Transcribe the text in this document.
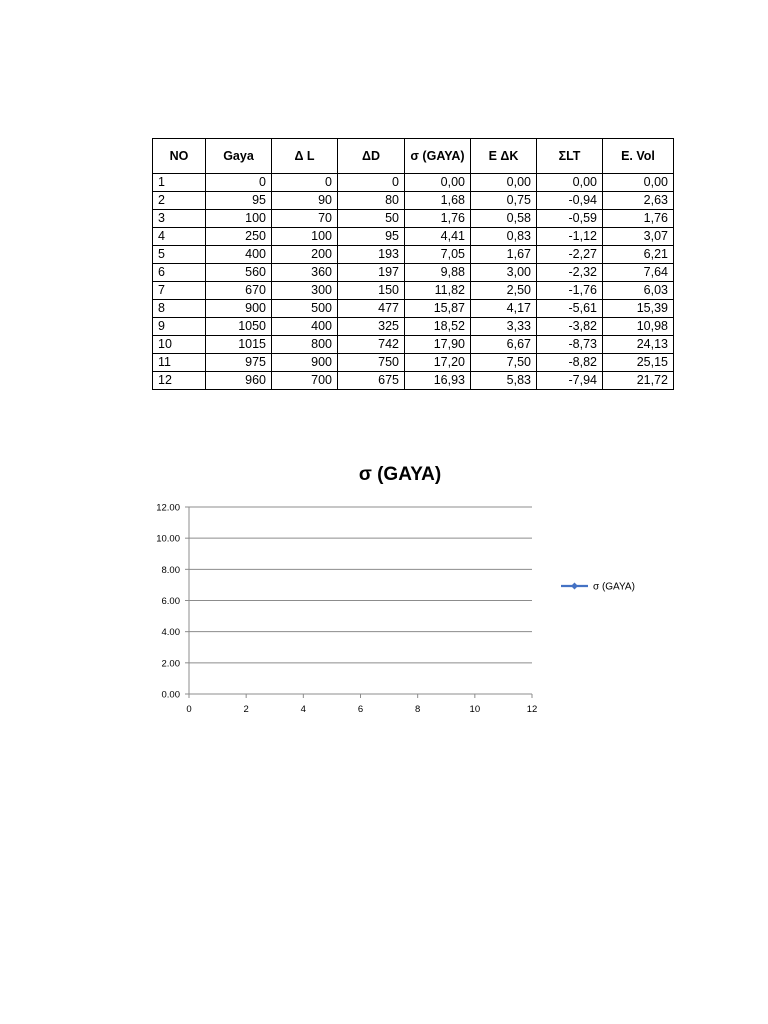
NO	Gaya	Δ L	ΔD	σ (GAYA)	E ΔK	ΣLT	E. Vol
1	0	0	0	0,00	0,00	0,00	0,00
2	95	90	80	1,68	0,75	-0,94	2,63
3	100	70	50	1,76	0,58	-0,59	1,76
4	250	100	95	4,41	0,83	-1,12	3,07
5	400	200	193	7,05	1,67	-2,27	6,21
6	560	360	197	9,88	3,00	-2,32	7,64
7	670	300	150	11,82	2,50	-1,76	6,03
8	900	500	477	15,87	4,17	-5,61	15,39
9	1050	400	325	18,52	3,33	-3,82	10,98
10	1015	800	742	17,90	6,67	-8,73	24,13
11	975	900	750	17,20	7,50	-8,82	25,15
12	960	700	675	16,93	5,83	-7,94	21,72
σ (GAYA)
0.00
2.00
4.00
6.00
8.00
10.00
12.00
0	2	4	6	8	10	12
σ (GAYA)
